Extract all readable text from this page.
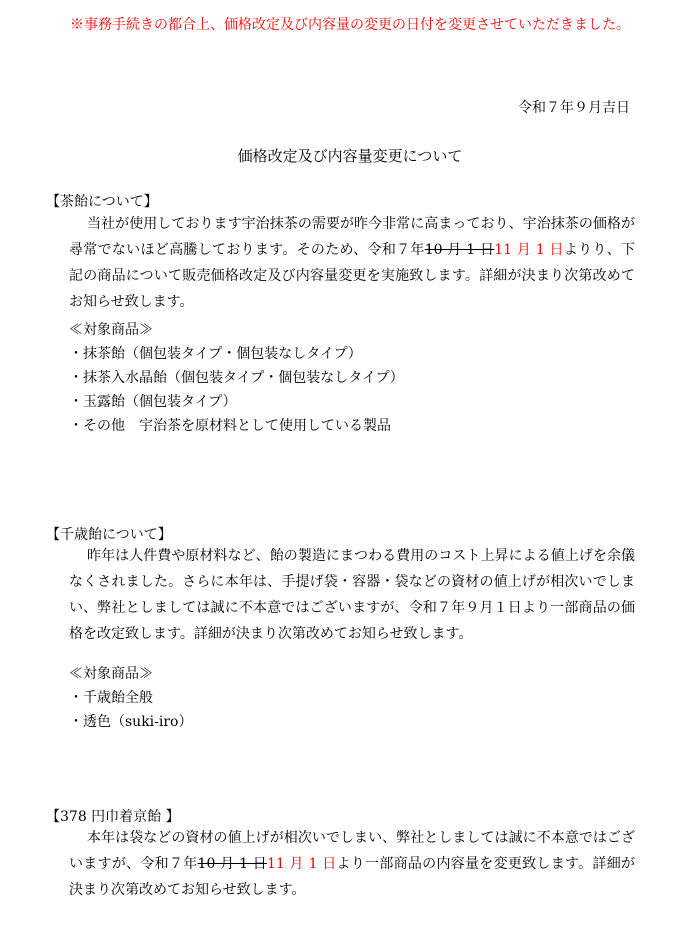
※事務手続きの都合上、価格改定及び内容量の変更の日付を変更させていただきました。
令和７年９月吉日
価格改定及び内容量変更について
【茶飴について】
当社が使用しております宇治抹茶の需要が昨今非常に高まっており、宇治抹茶の価格が尋常でないほど高騰しております。そのため、令和７年10 月 1 日11 月 1 日よりり、下記の商品について販売価格改定及び内容量変更を実施致します。詳細が決まり次第改めてお知らせ致します。
≪対象商品≫
・抹茶飴（個包装タイプ・個包装なしタイプ）
・抹茶入水晶飴（個包装タイプ・個包装なしタイプ）
・玉露飴（個包装タイプ）
・その他　宇治茶を原材料として使用している製品
【千歳飴について】
昨年は人件費や原材料など、飴の製造にまつわる費用のコスト上昇による値上げを余儀なくされました。さらに本年は、手提げ袋・容器・袋などの資材の値上げが相次いでしまい、弊社としましては誠に不本意ではございますが、令和７年９月１日より一部商品の価格を改定致します。詳細が決まり次第改めてお知らせ致します。
≪対象商品≫
・千歳飴全般
・透色（suki-iro）
【378 円巾着京飴 】
本年は袋などの資材の値上げが相次いでしまい、弊社としましては誠に不本意ではございますが、令和７年10 月 1 日11 月 1 日より一部商品の内容量を変更致します。詳細が決まり次第改めてお知らせ致します。
